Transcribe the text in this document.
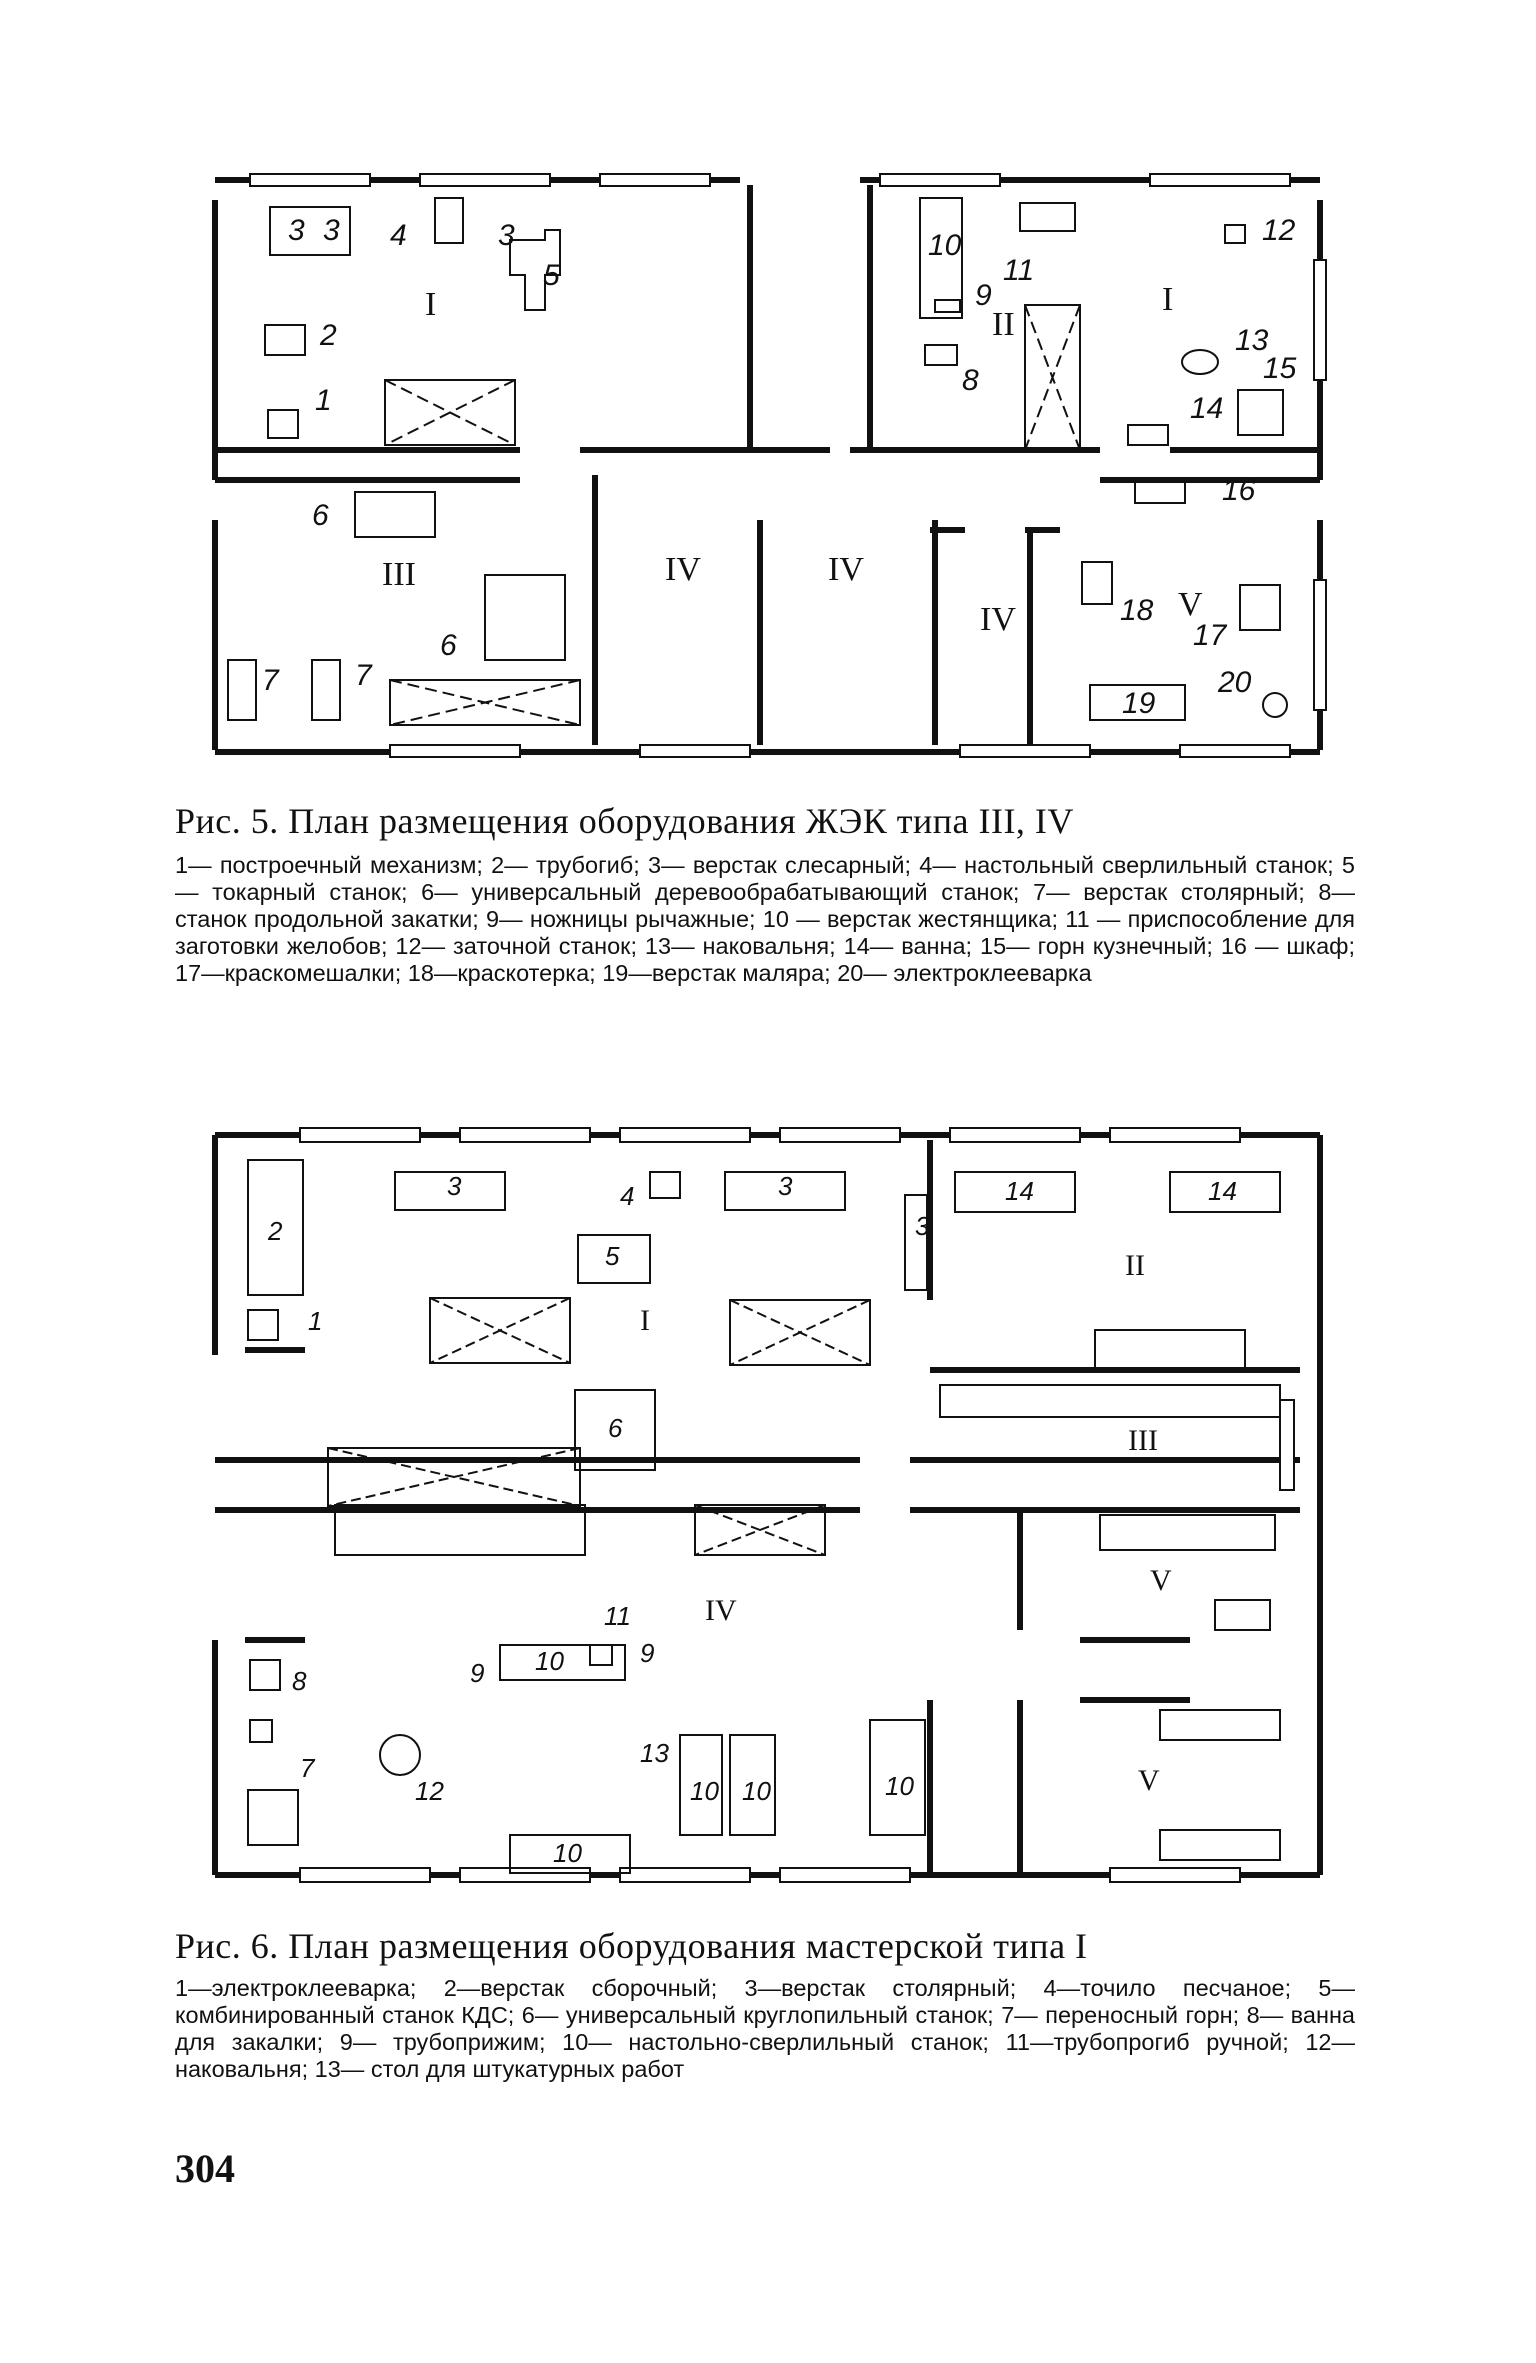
I	I
II
III	IV	IV
IV	V
3 3 4	3
5
2
1
6
6
7	7
10
11
9
8
12
13
15
14
16
18
17
19
20
Рис. 5. План размещения оборудования ЖЭК типа III, IV
1— построечный механизм; 2— трубогиб; 3— верстак слесарный; 4— настольный сверлильный станок; 5— токарный станок; 6— универсальный деревообрабатывающий станок; 7— верстак столярный; 8— станок продольной закатки; 9— ножницы рычажные; 10 — верстак жестянщика; 11 — приспособление для заготовки желобов; 12— заточной станок; 13— наковальня; 14— ванна; 15— горн кузнечный; 16 — шкаф; 17—краскомешалки; 18—краскотерка; 19—верстак маляра; 20— электроклееварка
I
II
III
IV
V
V
2
1
3	4	3
3
14	14
5
6
11
9 10	9
8
7
12
13
10 10	10
10
Рис. 6. План размещения оборудования мастерской типа I
1—электроклееварка; 2—верстак сборочный; 3—верстак столярный; 4—точило песчаное; 5— комбинированный станок КДС; 6— универсальный круглопильный станок; 7— переносный горн; 8— ванна для закалки; 9— трубоприжим; 10— настольно-сверлильный станок; 11—трубопрогиб ручной; 12—наковальня; 13— стол для штукатурных работ
304
